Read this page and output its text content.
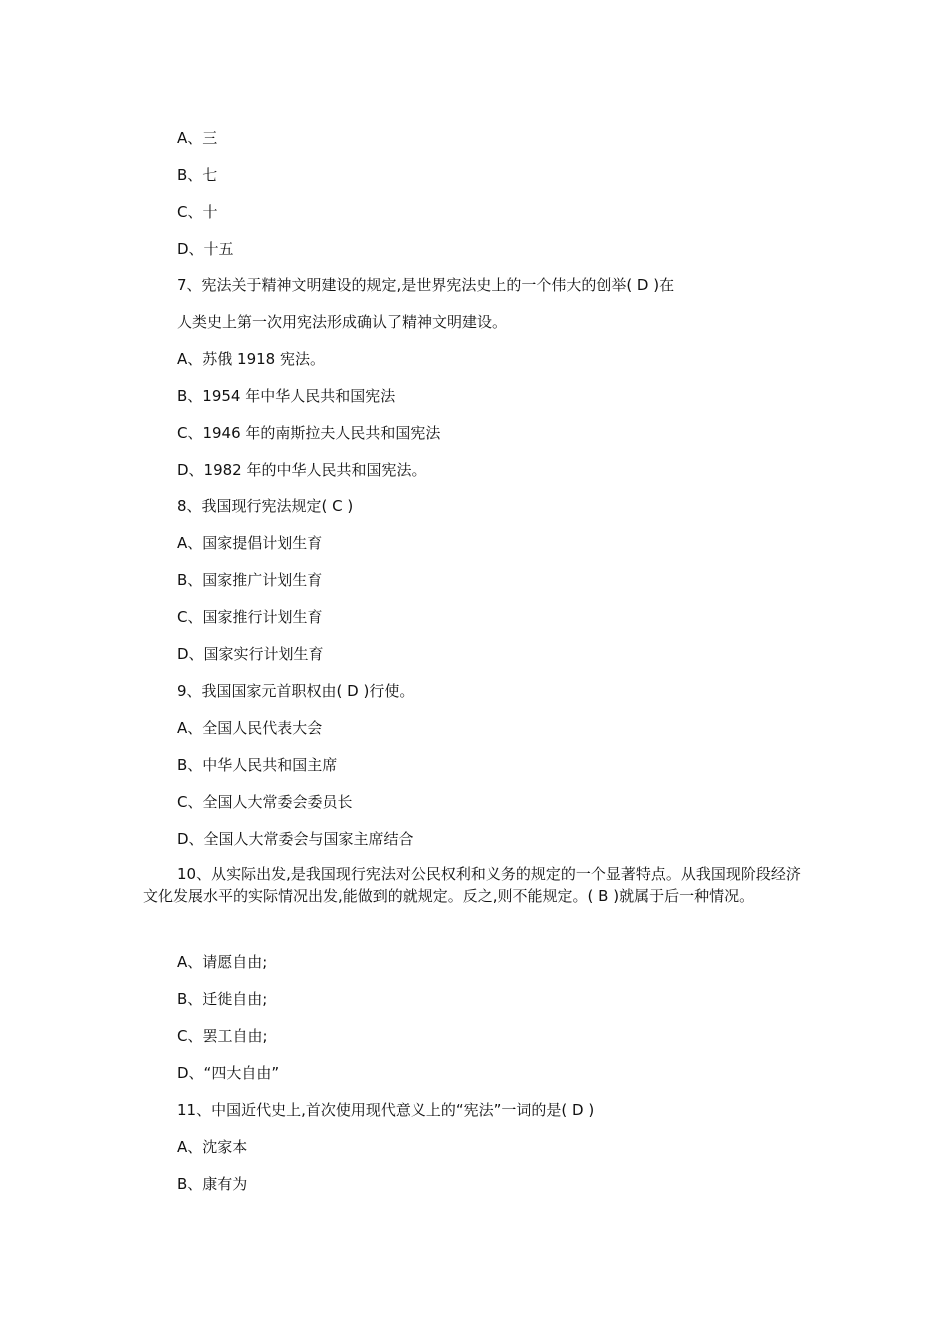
A、三
B、七
C、十
D、十五
7、宪法关于精神文明建设的规定,是世界宪法史上的一个伟大的创举( D )在
人类史上第一次用宪法形成确认了精神文明建设。
A、苏俄 1918 宪法。
B、1954 年中华人民共和国宪法
C、1946 年的南斯拉夫人民共和国宪法
D、1982 年的中华人民共和国宪法。
8、我国现行宪法规定( C )
A、国家提倡计划生育
B、国家推广计划生育
C、国家推行计划生育
D、国家实行计划生育
9、我国国家元首职权由( D )行使。
A、全国人民代表大会
B、中华人民共和国主席
C、全国人大常委会委员长
D、全国人大常委会与国家主席结合
10、从实际出发,是我国现行宪法对公民权利和义务的规定的一个显著特点。从我国现阶段经济文化发展水平的实际情况出发,能做到的就规定。反之,则不能规定。( B )就属于后一种情况。
A、请愿自由;
B、迁徙自由;
C、罢工自由;
D、“四大自由”
11、中国近代史上,首次使用现代意义上的“宪法”一词的是( D )
A、沈家本
B、康有为
